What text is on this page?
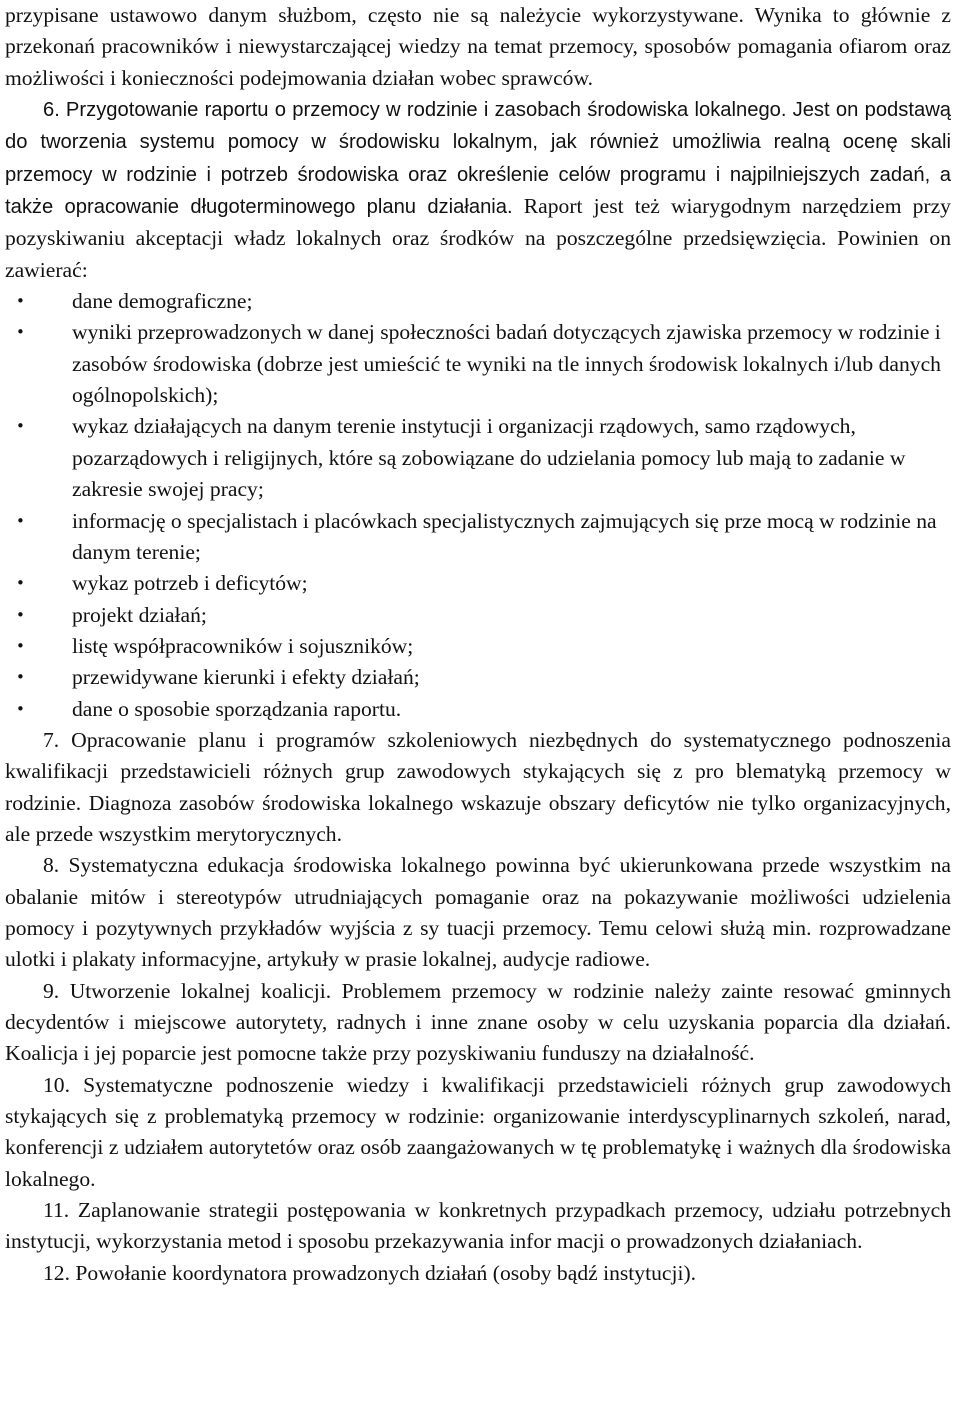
przypisane ustawowo danym służbom, często nie są należycie wykorzystywane. Wynika to głównie z przekonań pracowników i niewystarczającej wiedzy na temat przemocy, sposobów pomagania ofiarom oraz możliwości i konieczności podejmowania działan wobec sprawców.

6. Przygotowanie raportu o przemocy w rodzinie i zasobach środowiska lokalnego. Jest on podstawą do tworzenia systemu pomocy w środowisku lokalnym, jak również umożliwia realną ocenę skali przemocy w rodzinie i potrzeb środowiska oraz określenie celów programu i najpilniejszych zadań, a także opracowanie długoterminowego planu działania. Raport jest też wiarygodnym narzędziem przy pozyskiwaniu akceptacji władz lokalnych oraz środków na poszczególne przedsięwzięcia. Powinien on zawierać:

• dane demograficzne;
• wyniki przeprowadzonych w danej społeczności badań dotyczących zjawiska przemocy w rodzinie i zasobów środowiska (dobrze jest umieścić te wyniki na tle innych środowisk lokalnych i/lub danych ogólnopolskich);
• wykaz działających na danym terenie instytucji i organizacji rządowych, samo rządowych, pozarządowych i religijnych, które są zobowiązane do udzielania pomocy lub mają to zadanie w zakresie swojej pracy;
• informację o specjalistach i placówkach specjalistycznych zajmujących się prze mocą w rodzinie na danym terenie;
• wykaz potrzeb i deficytów;
• projekt działań;
• listę współpracowników i sojuszników;
• przewidywane kierunki i efekty działań;
• dane o sposobie sporządzania raportu.

7. Opracowanie planu i programów szkoleniowych niezbędnych do systematycznego podnoszenia kwalifikacji przedstawicieli różnych grup zawodowych stykających się z pro blematyką przemocy w rodzinie. Diagnoza zasobów środowiska lokalnego wskazuje obszary deficytów nie tylko organizacyjnych, ale przede wszystkim merytorycznych.

8. Systematyczna edukacja środowiska lokalnego powinna być ukierunkowana przede wszystkim na obalanie mitów i stereotypów utrudniających pomaganie oraz na pokazywanie możliwości udzielenia pomocy i pozytywnych przykładów wyjścia z sy tuacji przemocy. Temu celowi służą min. rozprowadzane ulotki i plakaty informacyjne, artykuły w prasie lokalnej, audycje radiowe.

9. Utworzenie lokalnej koalicji. Problemem przemocy w rodzinie należy zainte resować gminnych decydentów i miejscowe autorytety, radnych i inne znane osoby w celu uzyskania poparcia dla działań. Koalicja i jej poparcie jest pomocne także przy pozyskiwaniu funduszy na działalność.

10. Systematyczne podnoszenie wiedzy i kwalifikacji przedstawicieli różnych grup zawodowych stykających się z problematyką przemocy w rodzinie: organizowanie interdyscyplinarnych szkoleń, narad, konferencji z udziałem autorytetów oraz osób zaangażowanych w tę problematykę i ważnych dla środowiska lokalnego.

11. Zaplanowanie strategii postępowania w konkretnych przypadkach przemocy, udziału potrzebnych instytucji, wykorzystania metod i sposobu przekazywania infor macji o prowadzonych działaniach.

12. Powołanie koordynatora prowadzonych działań (osoby bądź instytucji).
